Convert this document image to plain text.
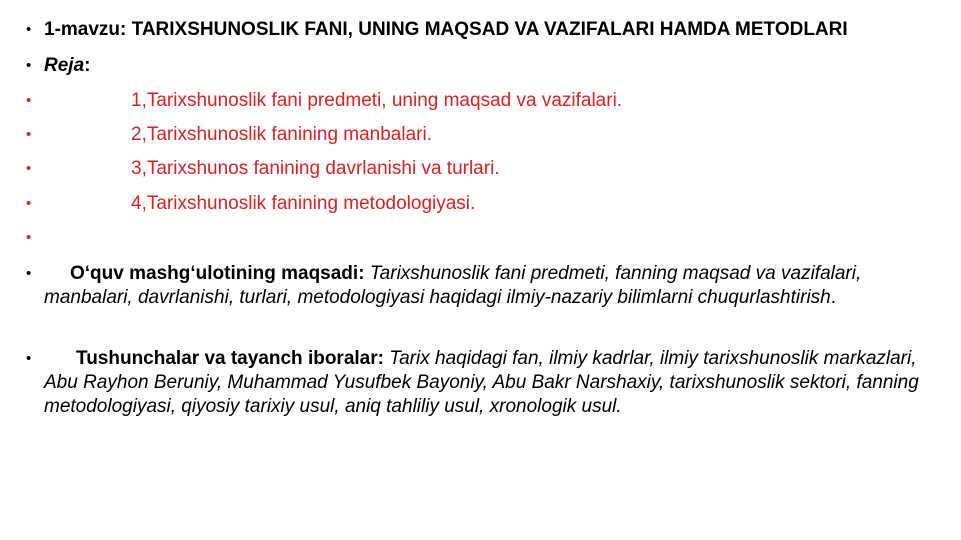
• 1-mavzu: TARIXSHUNOSLIK FANI, UNING MAQSAD VA VAZIFALARI HAMDA METODLARI
• Reja:
•	1,Tarixshunoslik fani predmeti, uning maqsad va vazifalari.
•	2,Tarixshunoslik fanining manbalari.
•	3,Tarixshunos fanining davrlanishi va turlari.
•	4,Tarixshunoslik fanining metodologiyasi.
•
•	O‘quv mashg‘ulotining maqsadi: Tarixshunoslik fani predmeti, fanning maqsad va vazifalari, manbalari, davrlanishi, turlari, metodologiyasi haqidagi ilmiy-nazariy bilimlarni chuqurlashtirish.
•	Tushunchalar va tayanch iboralar: Tarix haqidagi fan, ilmiy kadrlar, ilmiy tarixshunoslik markazlari, Abu Rayhon Beruniy, Muhammad Yusufbek Bayoniy, Abu Bakr Narshaxiy, tarixshunoslik sektori, fanning metodologiyasi, qiyosiy tarixiy usul, aniq tahliliy usul, xronologik usul.
